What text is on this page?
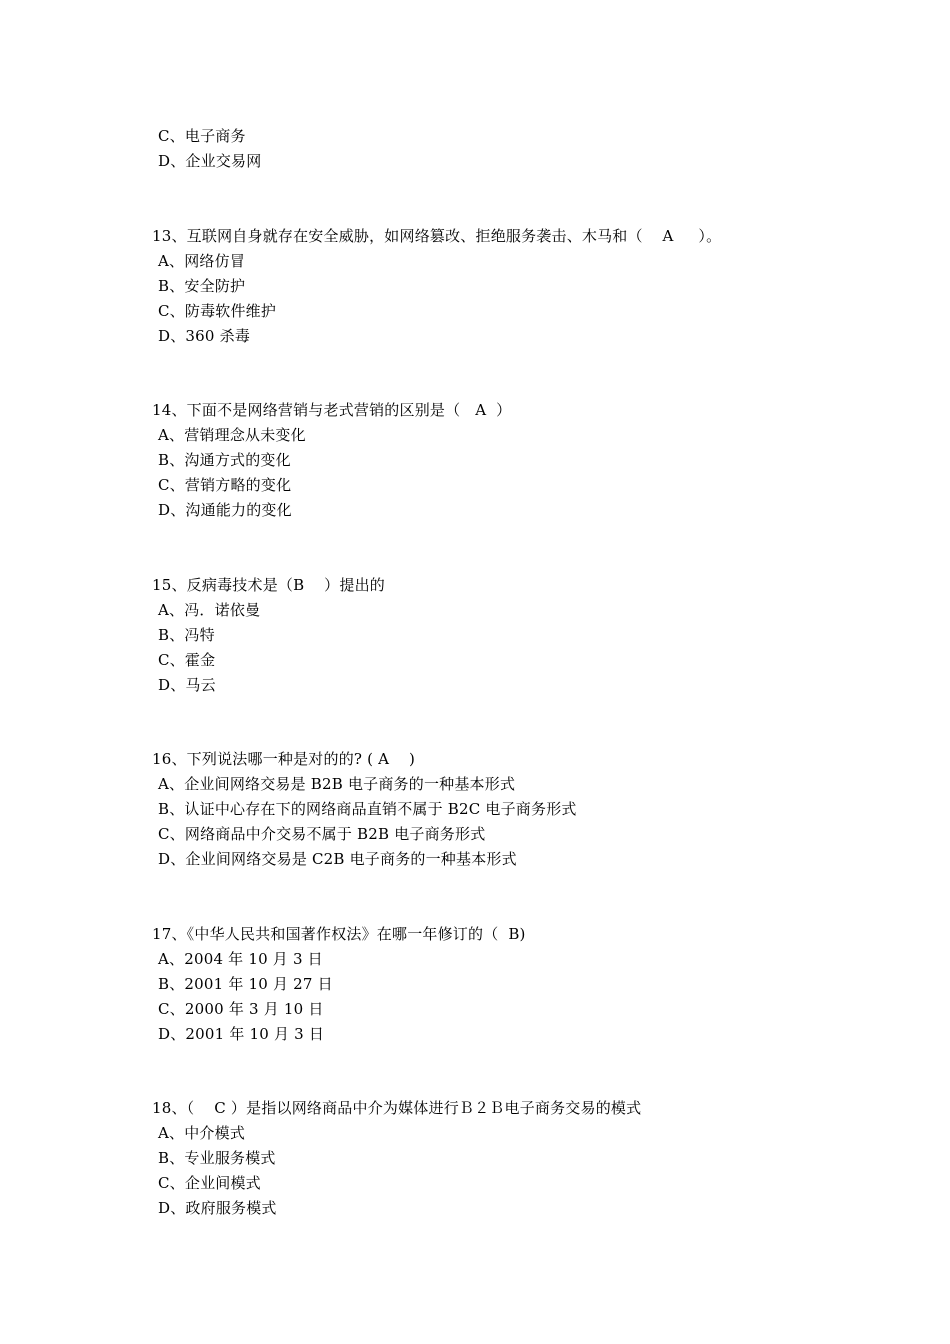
C、电子商务
D、企业交易网
13、互联网自身就存在安全威胁，如网络篡改、拒绝服务袭击、木马和（    A     ）。
A、网络仿冒
B、安全防护
C、防毒软件维护
D、360 杀毒
14、下面不是网络营销与老式营销的区别是（   A  ）
A、营销理念从未变化
B、沟通方式的变化
C、营销方略的变化
D、沟通能力的变化
15、反病毒技术是（B    ）提出的
A、冯．诺依曼
B、冯特
C、霍金
D、马云
16、下列说法哪一种是对的的? ( A    )
A、企业间网络交易是 B2B 电子商务的一种基本形式
B、认证中心存在下的网络商品直销不属于 B2C 电子商务形式
C、网络商品中介交易不属于 B2B 电子商务形式
D、企业间网络交易是 C2B 电子商务的一种基本形式
17、《中华人民共和国著作权法》在哪一年修订的（  B)
A、2004 年 10 月 3 日
B、2001 年 10 月 27 日
C、2000 年 3 月 10 日
D、2001 年 10 月 3 日
18、（    C ）是指以网络商品中介为媒体进行Ｂ２Ｂ电子商务交易的模式
A、中介模式
B、专业服务模式
C、企业间模式
D、政府服务模式
